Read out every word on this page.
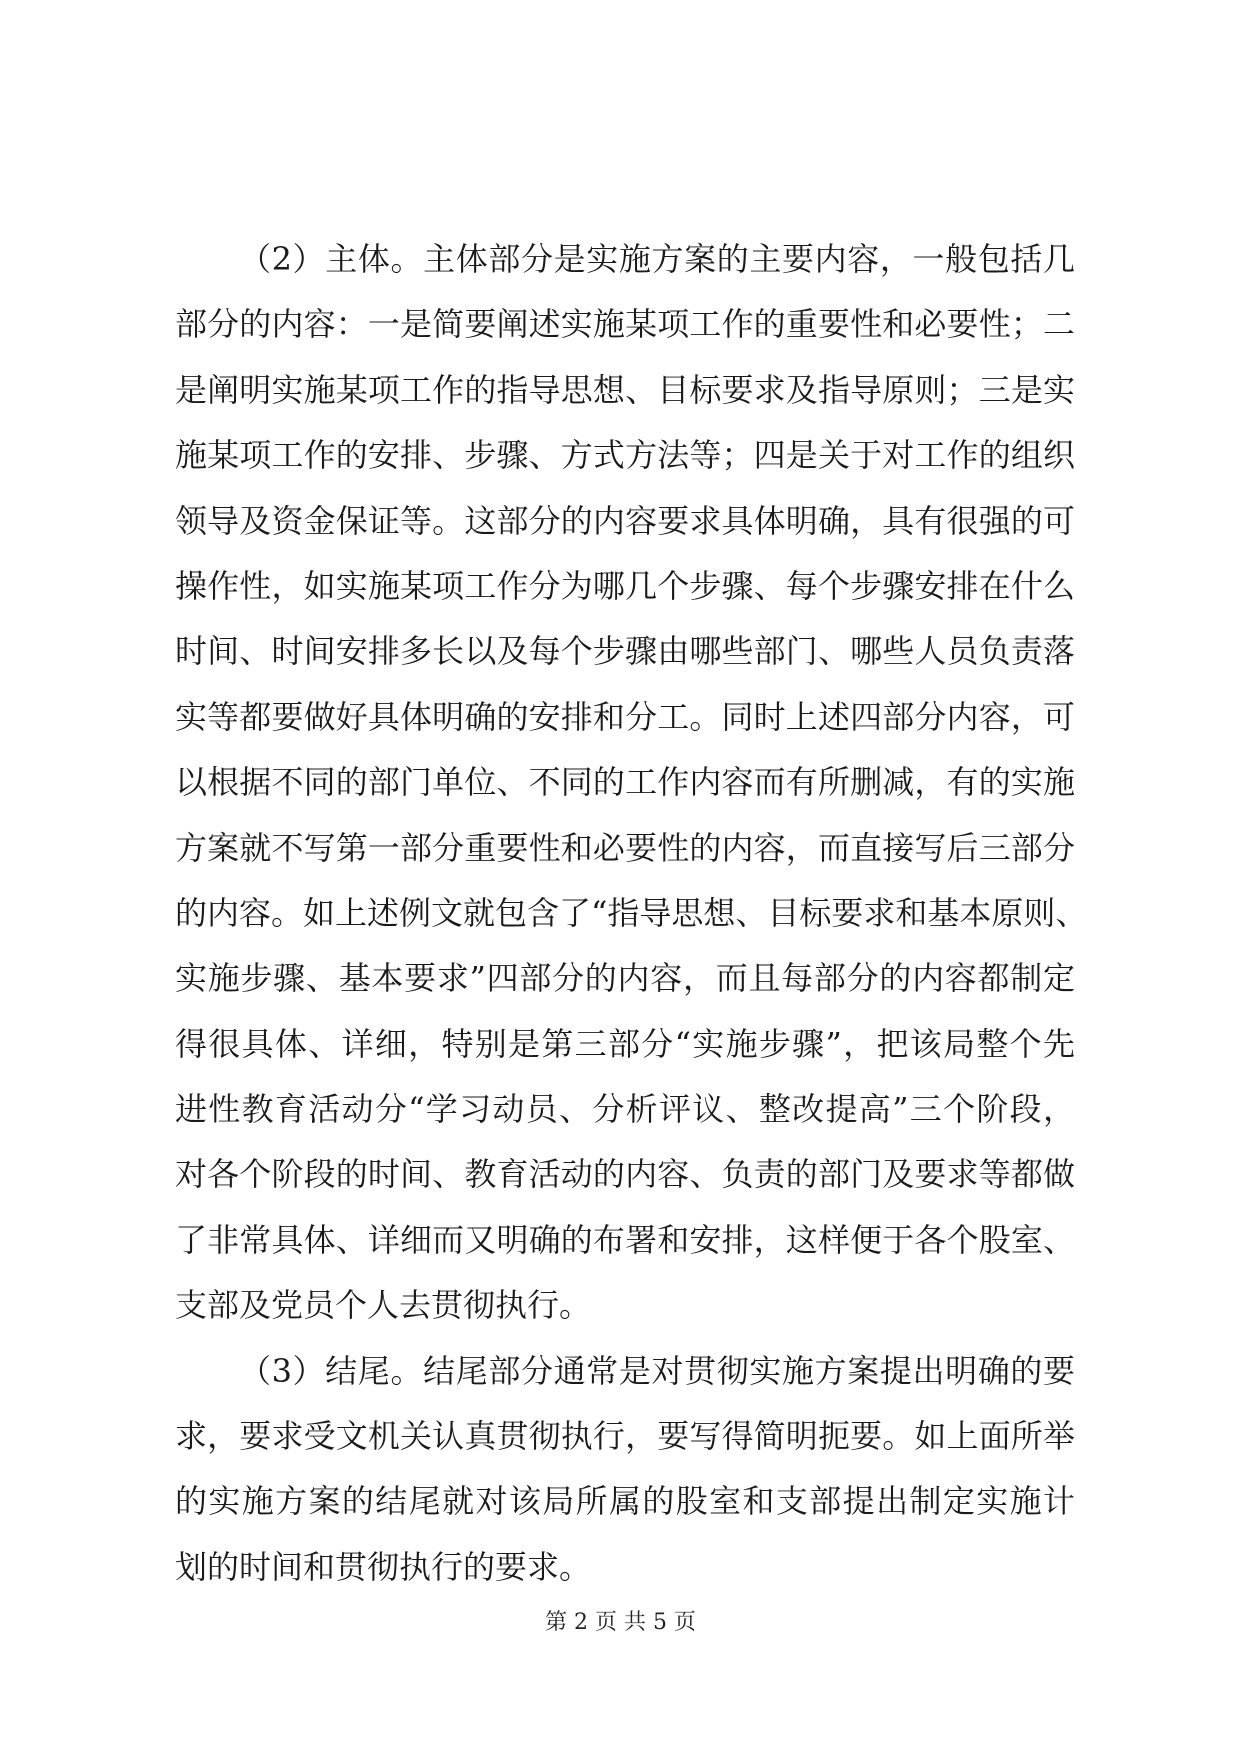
（2）主体。主体部分是实施方案的主要内容，一般包括几
部分的内容：一是简要阐述实施某项工作的重要性和必要性；二
是阐明实施某项工作的指导思想、目标要求及指导原则；三是实
施某项工作的安排、步骤、方式方法等；四是关于对工作的组织
领导及资金保证等。这部分的内容要求具体明确，具有很强的可
操作性，如实施某项工作分为哪几个步骤、每个步骤安排在什么
时间、时间安排多长以及每个步骤由哪些部门、哪些人员负责落
实等都要做好具体明确的安排和分工。同时上述四部分内容，可
以根据不同的部门单位、不同的工作内容而有所删减，有的实施
方案就不写第一部分重要性和必要性的内容，而直接写后三部分
的内容。如上述例文就包含了“指导思想、目标要求和基本原则、
实施步骤、基本要求”四部分的内容，而且每部分的内容都制定
得很具体、详细，特别是第三部分“实施步骤”，把该局整个先
进性教育活动分“学习动员、分析评议、整改提高”三个阶段，
对各个阶段的时间、教育活动的内容、负责的部门及要求等都做
了非常具体、详细而又明确的布署和安排，这样便于各个股室、
支部及党员个人去贯彻执行。
（3）结尾。结尾部分通常是对贯彻实施方案提出明确的要
求，要求受文机关认真贯彻执行，要写得简明扼要。如上面所举
的实施方案的结尾就对该局所属的股室和支部提出制定实施计
划的时间和贯彻执行的要求。
第 2 页 共 5 页
